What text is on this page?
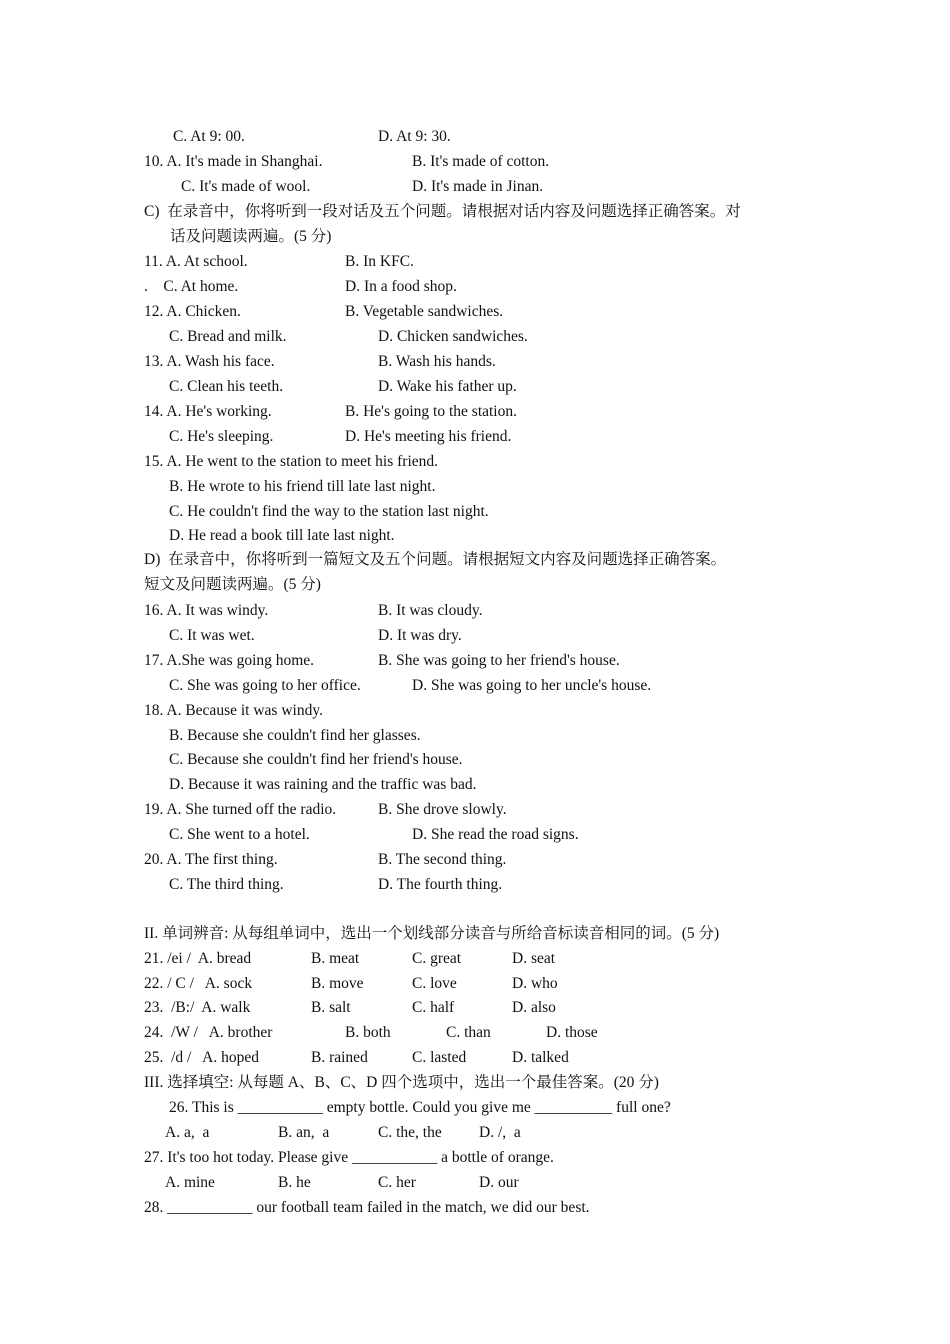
C. At 9: 00.	D. At 9: 30.
10. A. It's made in Shanghai.	B. It's made of cotton.
C. It's made of wool.	D. It's made in Jinan.
C)  在录音中，你将听到一段对话及五个问题。请根据对话内容及问题选择正确答案。对
话及问题读两遍。(5 分)
11. A. At school.	B. In KFC.
.    C. At home.	D. In a food shop.
12. A. Chicken.	B. Vegetable sandwiches.
C. Bread and milk.	D. Chicken sandwiches.
13. A. Wash his face.	B. Wash his hands.
C. Clean his teeth.	D. Wake his father up.
14. A. He's working.	B. He's going to the station.
C. He's sleeping.	D. He's meeting his friend.
15. A. He went to the station to meet his friend.
B. He wrote to his friend till late last night.
C. He couldn't find the way to the station last night.
D. He read a book till late last night.
D)  在录音中，你将听到一篇短文及五个问题。请根据短文内容及问题选择正确答案。
短文及问题读两遍。(5 分)
16. A. It was windy.	B. It was cloudy.
C. It was wet.	D. It was dry.
17. A.She was going home.	B. She was going to her friend's house.
C. She was going to her office.	D. She was going to her uncle's house.
18. A. Because it was windy.
B. Because she couldn't find her glasses.
C. Because she couldn't find her friend's house.
D. Because it was raining and the traffic was bad.
19. A. She turned off the radio.	B. She drove slowly.
C. She went to a hotel.	D. She read the road signs.
20. A. The first thing.	B. The second thing.
C. The third thing.	D. The fourth thing.
II. 单词辨音: 从每组单词中，选出一个划线部分读音与所给音标读音相同的词。(5 分)
21. /ei /  A. bread	B. meat	C. great	D. seat
22. / C /   A. sock	B. move	C. love	D. who
23.  /B:/  A. walk	B. salt	C. half	D. also
24.  /W /   A. brother	B. both	C. than	D. those
25.  /d /   A. hoped	B. rained	C. lasted	D. talked
III. 选择填空: 从每题 A、B、C、D 四个选项中，选出一个最佳答案。(20 分)
26. This is ___________ empty bottle. Could you give me __________ full one?
A. a,  a	B. an,  a	C. the, the D. /,  a
27. It's too hot today. Please give ___________ a bottle of orange.
A. mine	B. he	C. her	D. our
28. ___________ our football team failed in the match, we did our best.
